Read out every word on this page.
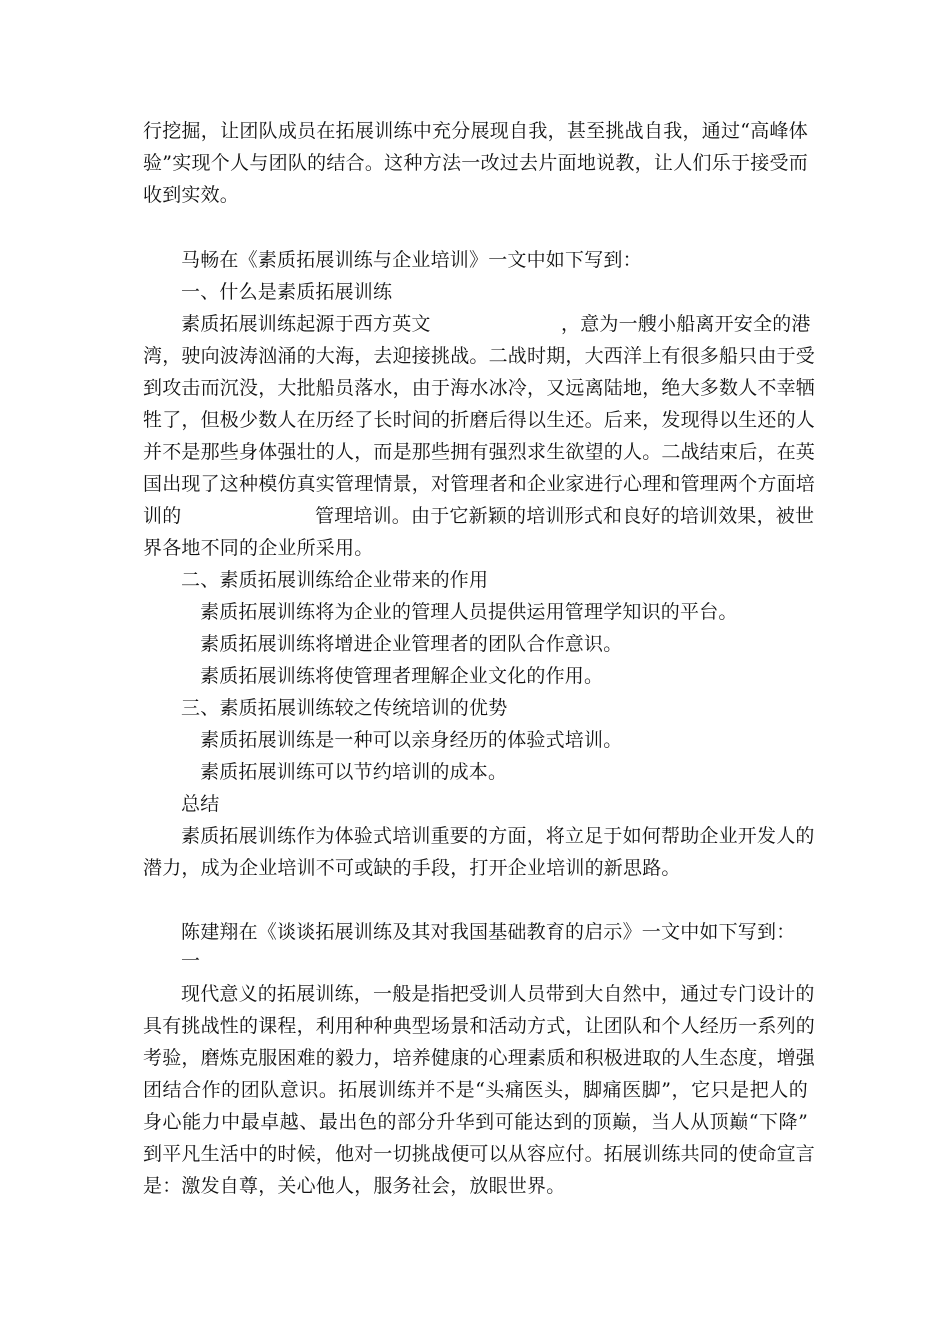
行挖掘，让团队成员在拓展训练中充分展现自我，甚至挑战自我，通过“高峰体
验”实现个人与团队的结合。这种方法一改过去片面地说教，让人们乐于接受而
收到实效。
马畅在《素质拓展训练与企业培训》一文中如下写到：
一、什么是素质拓展训练
素质拓展训练起源于西方英文	，意为一艘小船离开安全的港
湾，驶向波涛汹涌的大海，去迎接挑战。二战时期，大西洋上有很多船只由于受
到攻击而沉没，大批船员落水，由于海水冰冷，又远离陆地，绝大多数人不幸牺
牲了，但极少数人在历经了长时间的折磨后得以生还。后来，发现得以生还的人
并不是那些身体强壮的人，而是那些拥有强烈求生欲望的人。二战结束后，在英
国出现了这种模仿真实管理情景，对管理者和企业家进行心理和管理两个方面培
训的	管理培训。由于它新颖的培训形式和良好的培训效果，被世
界各地不同的企业所采用。
二、素质拓展训练给企业带来的作用
素质拓展训练将为企业的管理人员提供运用管理学知识的平台。
素质拓展训练将增进企业管理者的团队合作意识。
素质拓展训练将使管理者理解企业文化的作用。
三、素质拓展训练较之传统培训的优势
素质拓展训练是一种可以亲身经历的体验式培训。
素质拓展训练可以节约培训的成本。
总结
素质拓展训练作为体验式培训重要的方面，将立足于如何帮助企业开发人的
潜力，成为企业培训不可或缺的手段，打开企业培训的新思路。
陈建翔在《谈谈拓展训练及其对我国基础教育的启示》一文中如下写到：
一
现代意义的拓展训练，一般是指把受训人员带到大自然中，通过专门设计的
具有挑战性的课程，利用种种典型场景和活动方式，让团队和个人经历一系列的
考验，磨炼克服困难的毅力，培养健康的心理素质和积极进取的人生态度，增强
团结合作的团队意识。拓展训练并不是“头痛医头，脚痛医脚”，它只是把人的
身心能力中最卓越、最出色的部分升华到可能达到的顶巅，当人从顶巅“下降”
到平凡生活中的时候，他对一切挑战便可以从容应付。拓展训练共同的使命宣言
是：激发自尊，关心他人，服务社会，放眼世界。
